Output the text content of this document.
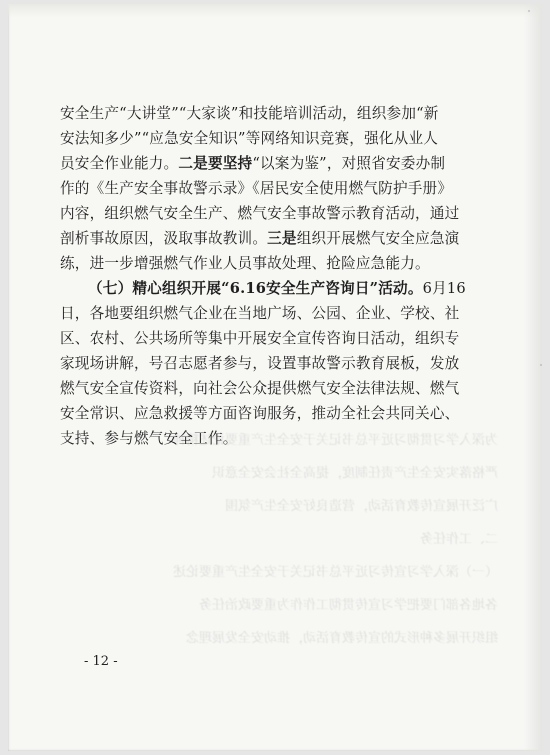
为深入学习贯彻习近平总书记关于安全生产重要论述精神
严格落实安全生产责任制度，提高全社会安全意识
广泛开展宣传教育活动，营造良好安全生产氛围
二、工作任务
（一）深入学习宣传习近平总书记关于安全生产重要论述
各地各部门要把学习宣传贯彻工作作为重要政治任务
组织开展多种形式的宣传教育活动，推动安全发展理念
安全生产“大讲堂”“大家谈”和技能培训活动，组织参加“新
安法知多少”“应急安全知识”等网络知识竞赛，强化从业人
员安全作业能力。二是要坚持“以案为鉴”，对照省安委办制
作的《生产安全事故警示录》《居民安全使用燃气防护手册》
内容，组织燃气安全生产、燃气安全事故警示教育活动，通过
剖析事故原因，汲取事故教训。三是组织开展燃气安全应急演
练，进一步增强燃气作业人员事故处理、抢险应急能力。
（七）精心组织开展“6.16安全生产咨询日”活动。6月16
日，各地要组织燃气企业在当地广场、公园、企业、学校、社
区、农村、公共场所等集中开展安全宣传咨询日活动，组织专
家现场讲解，号召志愿者参与，设置事故警示教育展板，发放
燃气安全宣传资料，向社会公众提供燃气安全法律法规、燃气
安全常识、应急救援等方面咨询服务，推动全社会共同关心、
支持、参与燃气安全工作。
- 12 -
